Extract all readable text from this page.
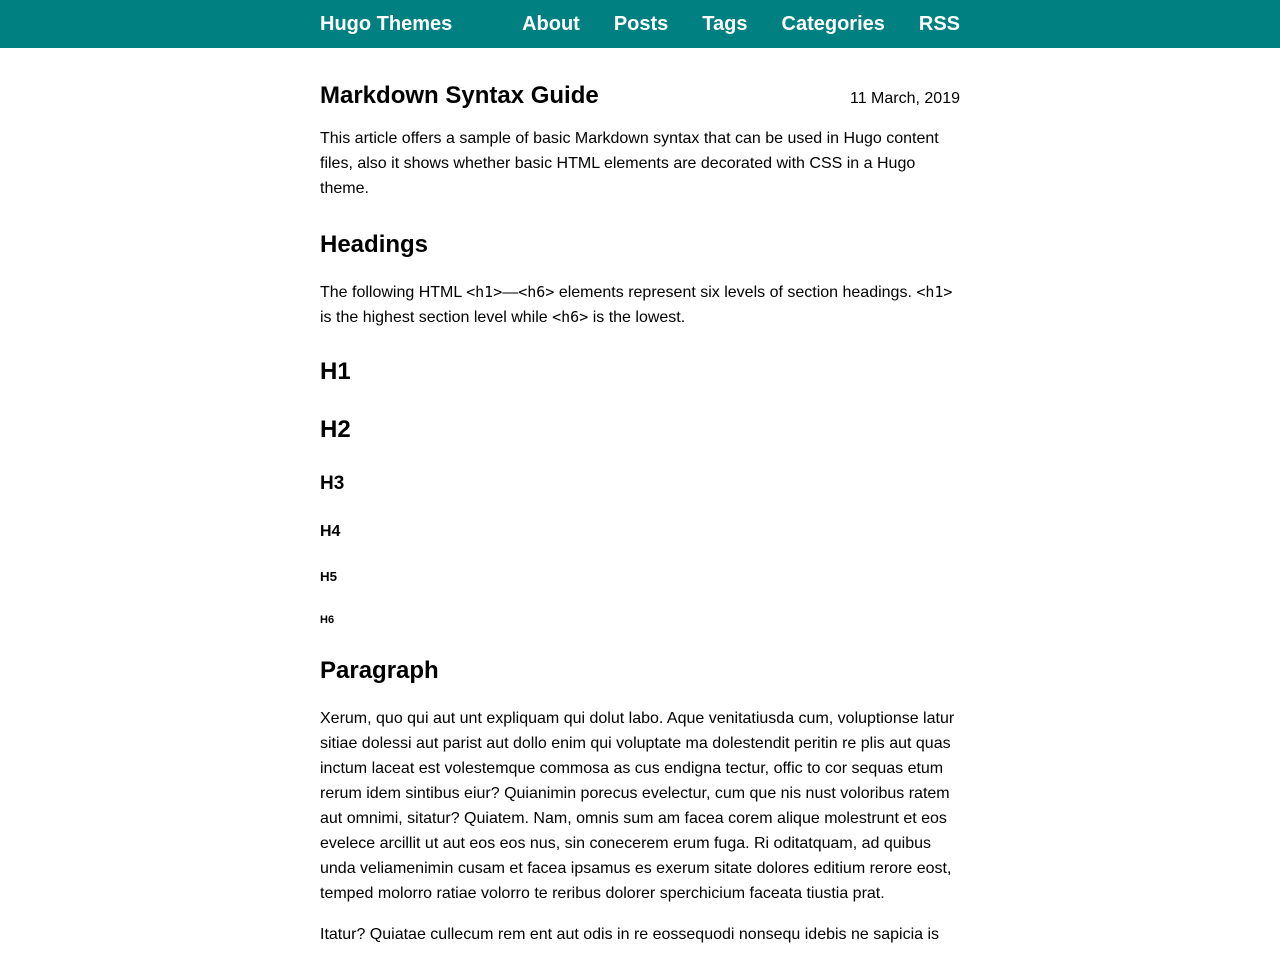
Hugo Themes	About Posts Tags Categories RSS
Markdown Syntax Guide	11 March, 2019

This article offers a sample of basic Markdown syntax that can be used in Hugo content files, also it shows whether basic HTML elements are decorated with CSS in a Hugo theme.

Headings

The following HTML <h1>—<h6> elements represent six levels of section headings. <h1> is the highest section level while <h6> is the lowest.

H1
H2
H3
H4
H5
H6
Paragraph

Xerum, quo qui aut unt expliquam qui dolut labo. Aque venitatiusda cum, voluptionse latur sitiae dolessi aut parist aut dollo enim qui voluptate ma dolestendit peritin re plis aut quas inctum laceat est volestemque commosa as cus endigna tectur, offic to cor sequas etum rerum idem sintibus eiur? Quianimin porecus evelectur, cum que nis nust voloribus ratem aut omnimi, sitatur? Quiatem. Nam, omnis sum am facea corem alique molestrunt et eos evelece arcillit ut aut eos eos nus, sin conecerem erum fuga. Ri oditatquam, ad quibus unda veliamenimin cusam et facea ipsamus es exerum sitate dolores editium rerore eost, temped molorro ratiae volorro te reribus dolorer sperchicium faceata tiustia prat.

Itatur? Quiatae cullecum rem ent aut odis in re eossequodi nonsequ idebis ne sapicia is
